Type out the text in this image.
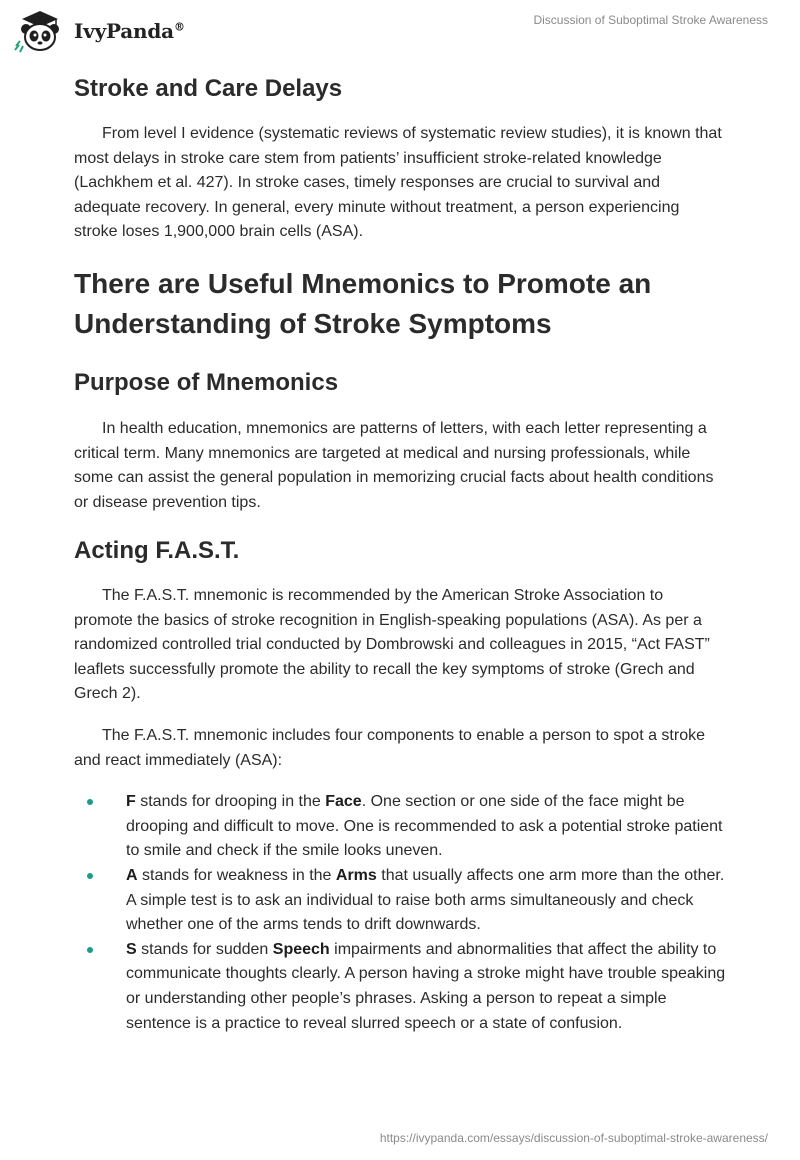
IvyPanda®	Discussion of Suboptimal Stroke Awareness
Stroke and Care Delays

From level I evidence (systematic reviews of systematic review studies), it is known that most delays in stroke care stem from patients’ insufficient stroke-related knowledge (Lachkhem et al. 427). In stroke cases, timely responses are crucial to survival and adequate recovery. In general, every minute without treatment, a person experiencing stroke loses 1,900,000 brain cells (ASA).

There are Useful Mnemonics to Promote an Understanding of Stroke Symptoms
Purpose of Mnemonics

In health education, mnemonics are patterns of letters, with each letter representing a critical term. Many mnemonics are targeted at medical and nursing professionals, while some can assist the general population in memorizing crucial facts about health conditions or disease prevention tips.

Acting F.A.S.T.

The F.A.S.T. mnemonic is recommended by the American Stroke Association to promote the basics of stroke recognition in English-speaking populations (ASA). As per a randomized controlled trial conducted by Dombrowski and colleagues in 2015, “Act FAST” leaflets successfully promote the ability to recall the key symptoms of stroke (Grech and Grech 2).

The F.A.S.T. mnemonic includes four components to enable a person to spot a stroke and react immediately (ASA):

F stands for drooping in the Face. One section or one side of the face might be drooping and difficult to move. One is recommended to ask a potential stroke patient to smile and check if the smile looks uneven.
A stands for weakness in the Arms that usually affects one arm more than the other. A simple test is to ask an individual to raise both arms simultaneously and check whether one of the arms tends to drift downwards.
S stands for sudden Speech impairments and abnormalities that affect the ability to communicate thoughts clearly. A person having a stroke might have trouble speaking or understanding other people’s phrases. Asking a person to repeat a simple sentence is a practice to reveal slurred speech or a state of confusion.
https://ivypanda.com/essays/discussion-of-suboptimal-stroke-awareness/
